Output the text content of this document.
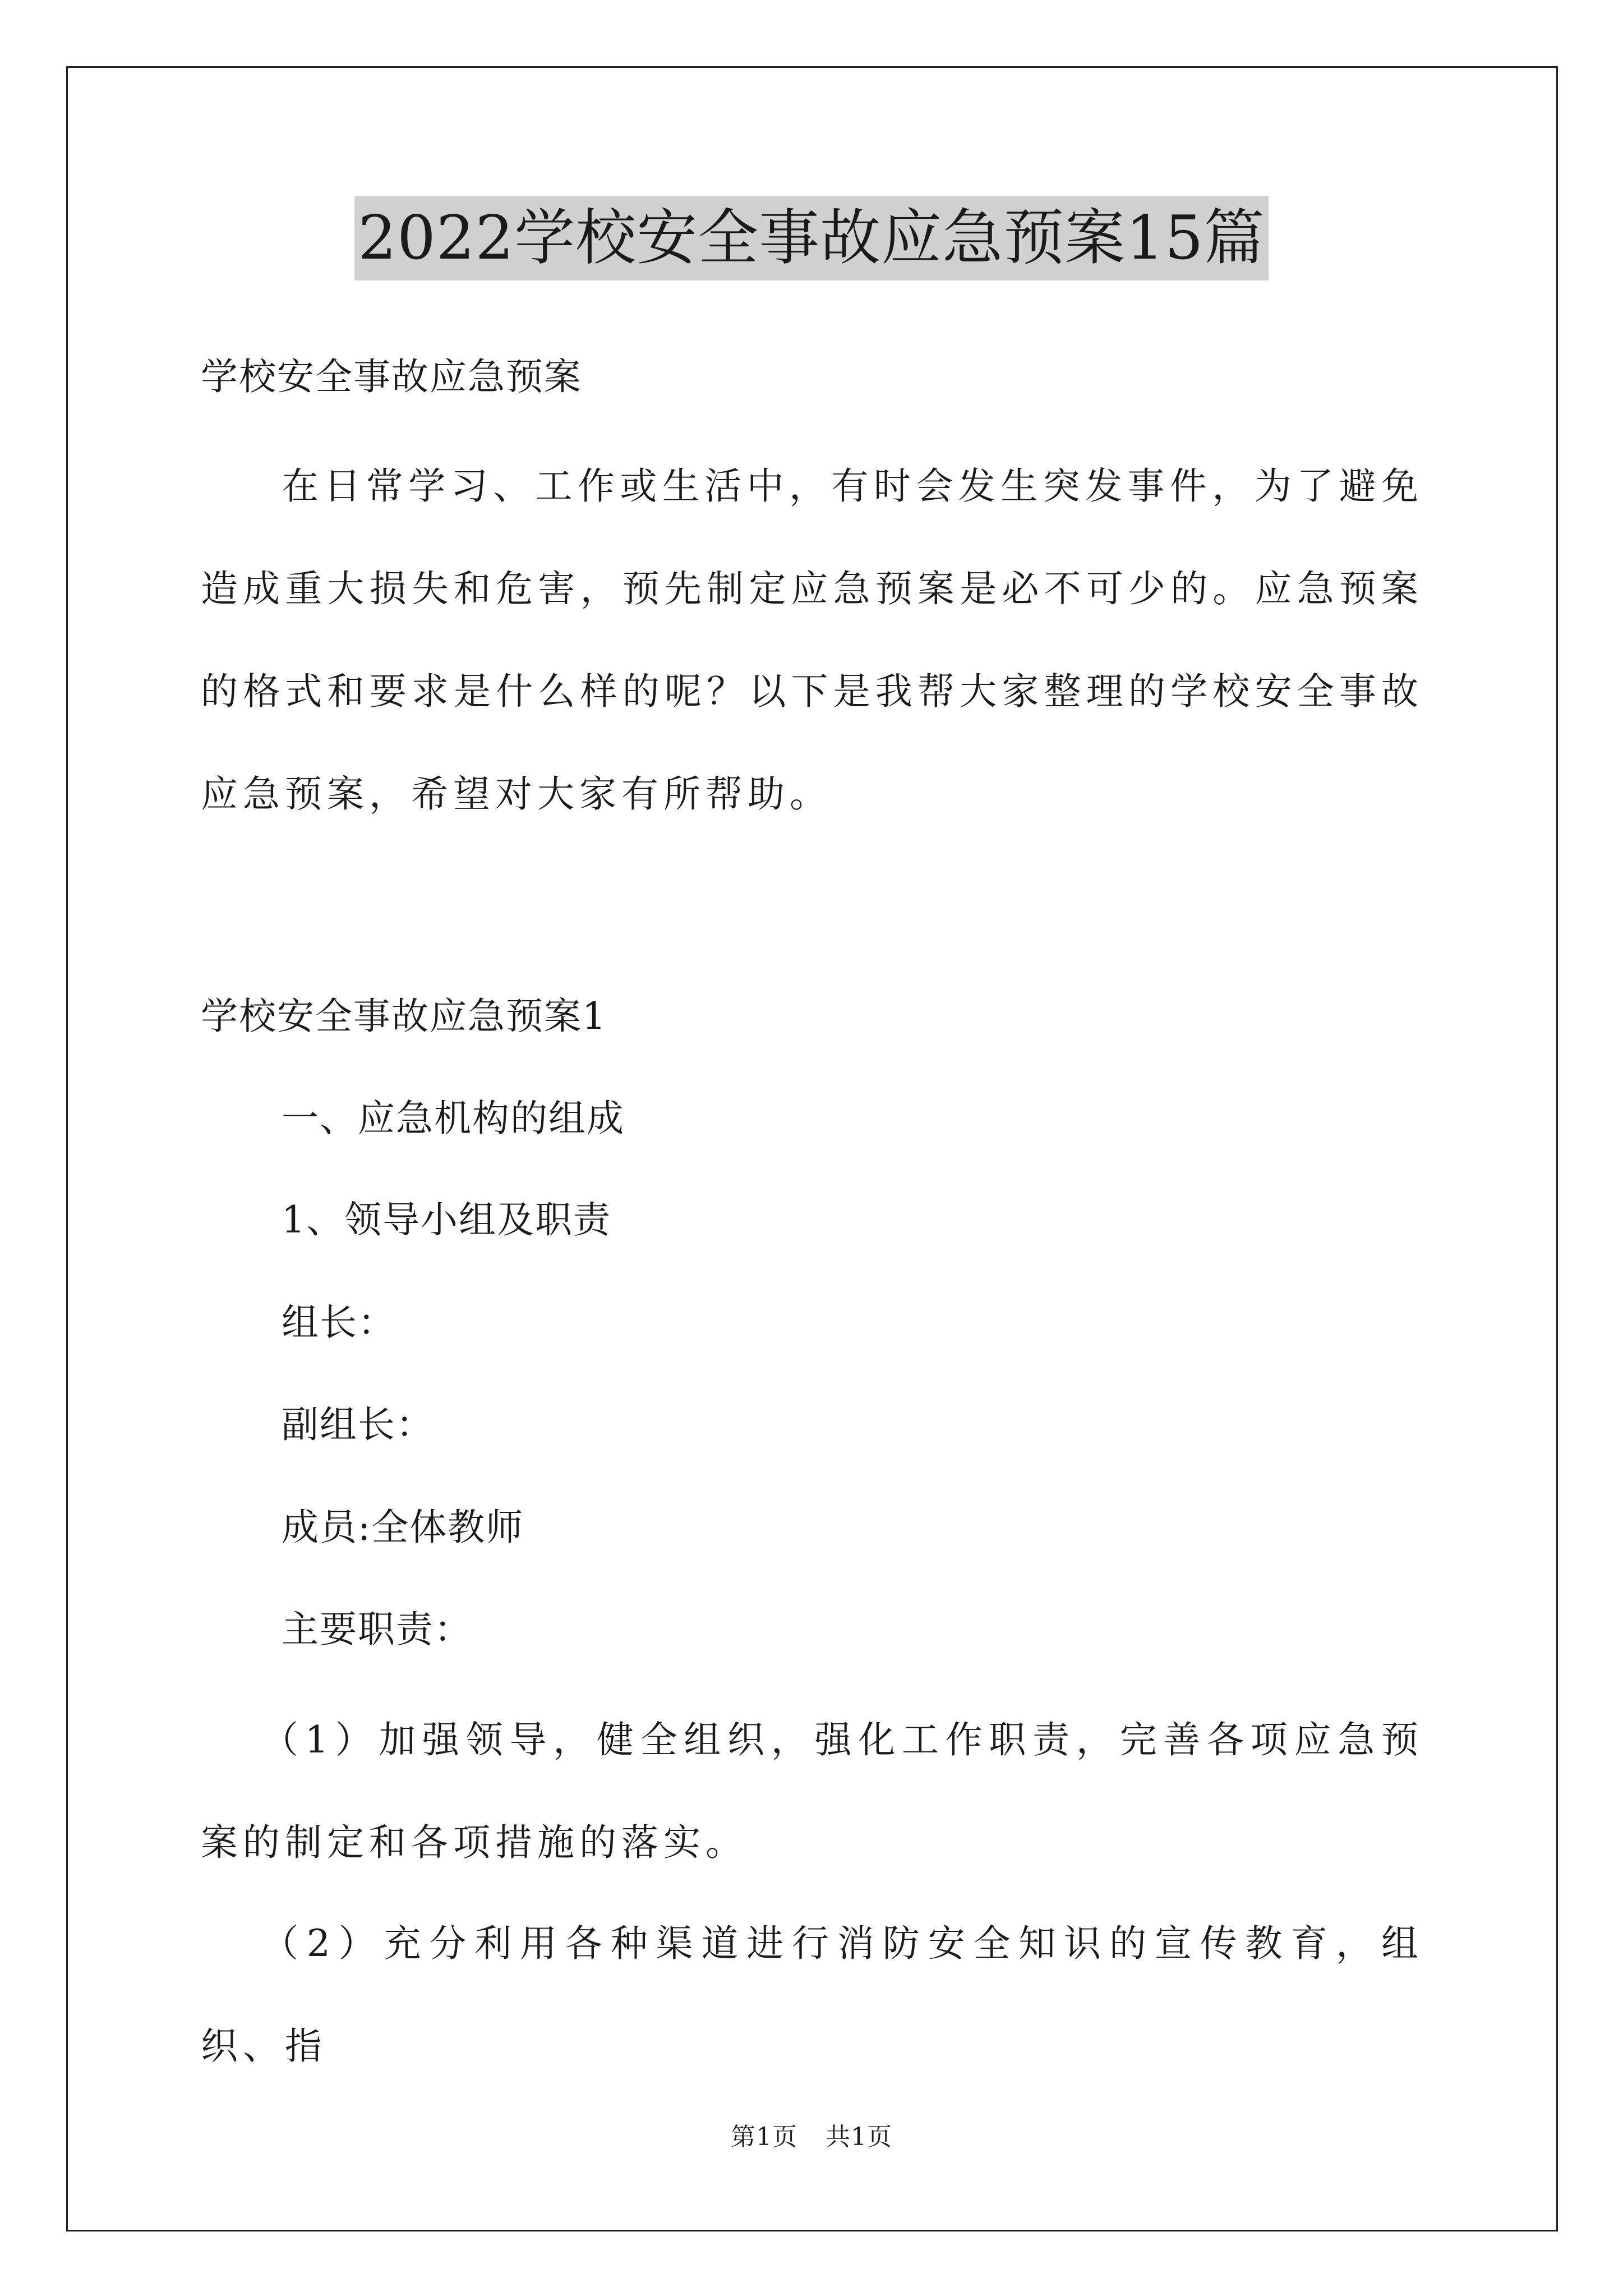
2022学校安全事故应急预案15篇
学校安全事故应急预案
在日常学习、工作或生活中，有时会发生突发事件，为了避免造成重大损失和危害，预先制定应急预案是必不可少的。应急预案的格式和要求是什么样的呢？以下是我帮大家整理的学校安全事故应急预案，希望对大家有所帮助。
学校安全事故应急预案1
一、应急机构的组成
1、领导小组及职责
组长：
副组长：
成员:全体教师
主要职责：
（1）加强领导，健全组织，强化工作职责，完善各项应急预案的制定和各项措施的落实。
（2）充分利用各种渠道进行消防安全知识的宣传教育，组织、指
第1页 共1页
